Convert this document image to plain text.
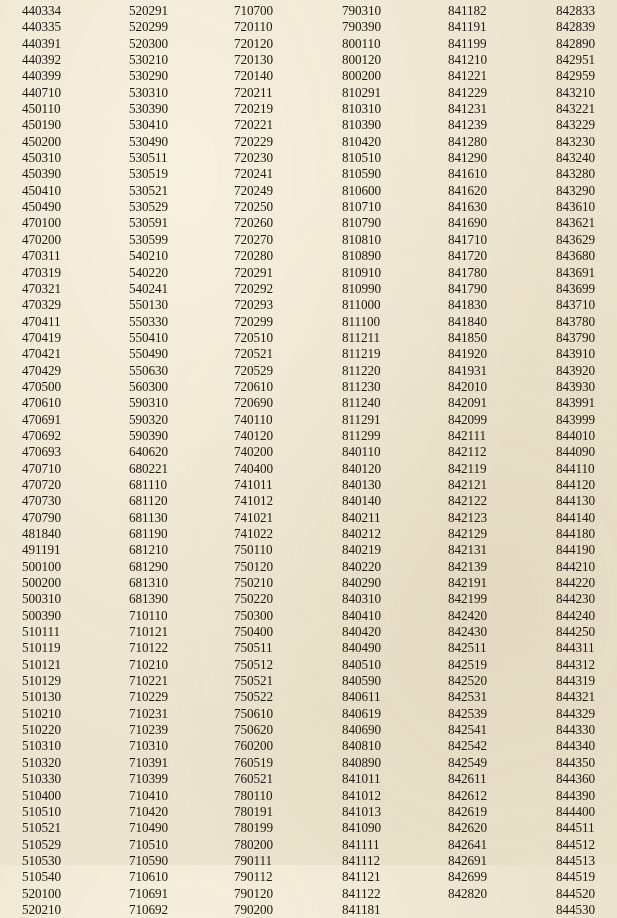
440334
440335
440391
440392
440399
440710
450110
450190
450200
450310
450390
450410
450490
470100
470200
470311
470319
470321
470329
470411
470419
470421
470429
470500
470610
470691
470692
470693
470710
470720
470730
470790
481840
491191
500100
500200
500310
500390
510111
510119
510121
510129
510130
510210
510220
510310
510320
510330
510400
510510
510521
510529
510530
510540
520100
520210
520291
520299
520300
530210
530290
530310
530390
530410
530490
530511
530519
530521
530529
530591
530599
540210
540220
540241
550130
550330
550410
550490
550630
560300
590310
590320
590390
640620
680221
681110
681120
681130
681190
681210
681290
681310
681390
710110
710121
710122
710210
710221
710229
710231
710239
710310
710391
710399
710410
710420
710490
710510
710590
710610
710691
710692
710700
720110
720120
720130
720140
720211
720219
720221
720229
720230
720241
720249
720250
720260
720270
720280
720291
720292
720293
720299
720510
720521
720529
720610
720690
740110
740120
740200
740400
741011
741012
741021
741022
750110
750120
750210
750220
750300
750400
750511
750512
750521
750522
750610
750620
760200
760519
760521
780110
780191
780199
780200
790111
790112
790120
790200
790310
790390
800110
800120
800200
810291
810310
810390
810420
810510
810590
810600
810710
810790
810810
810890
810910
810990
811000
811100
811211
811219
811220
811230
811240
811291
811299
840110
840120
840130
840140
840211
840212
840219
840220
840290
840310
840410
840420
840490
840510
840590
840611
840619
840690
840810
840890
841011
841012
841013
841090
841111
841112
841121
841122
841181
841182
841191
841199
841210
841221
841229
841231
841239
841280
841290
841610
841620
841630
841690
841710
841720
841780
841790
841830
841840
841850
841920
841931
842010
842091
842099
842111
842112
842119
842121
842122
842123
842129
842131
842139
842191
842199
842420
842430
842511
842519
842520
842531
842539
842541
842542
842549
842611
842612
842619
842620
842641
842691
842699
842820
842833
842839
842890
842951
842959
843210
843221
843229
843230
843240
843280
843290
843610
843621
843629
843680
843691
843699
843710
843780
843790
843910
843920
843930
843991
843999
844010
844090
844110
844120
844130
844140
844180
844190
844210
844220
844230
844240
844250
844311
844312
844319
844321
844329
844330
844340
844350
844360
844390
844400
844511
844512
844513
844519
844520
844530
